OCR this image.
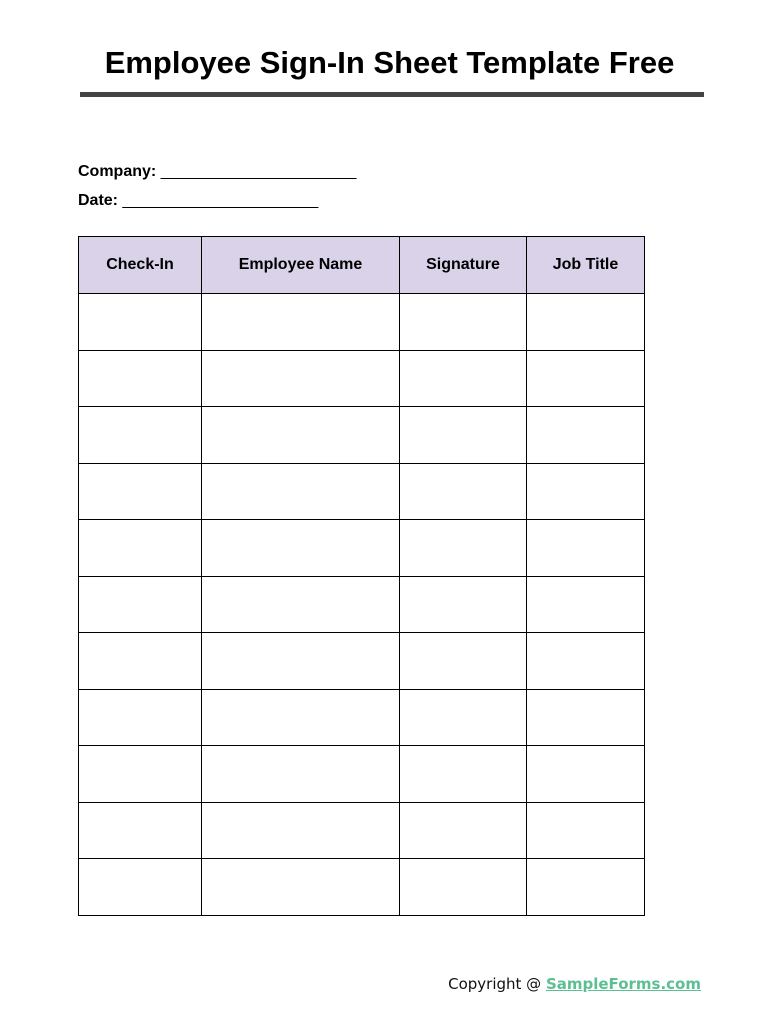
Employee Sign-In Sheet Template Free
Company: ______________________
Date: ______________________
Check-In	Employee Name	Signature	Job Title

Copyright @ SampleForms.com
